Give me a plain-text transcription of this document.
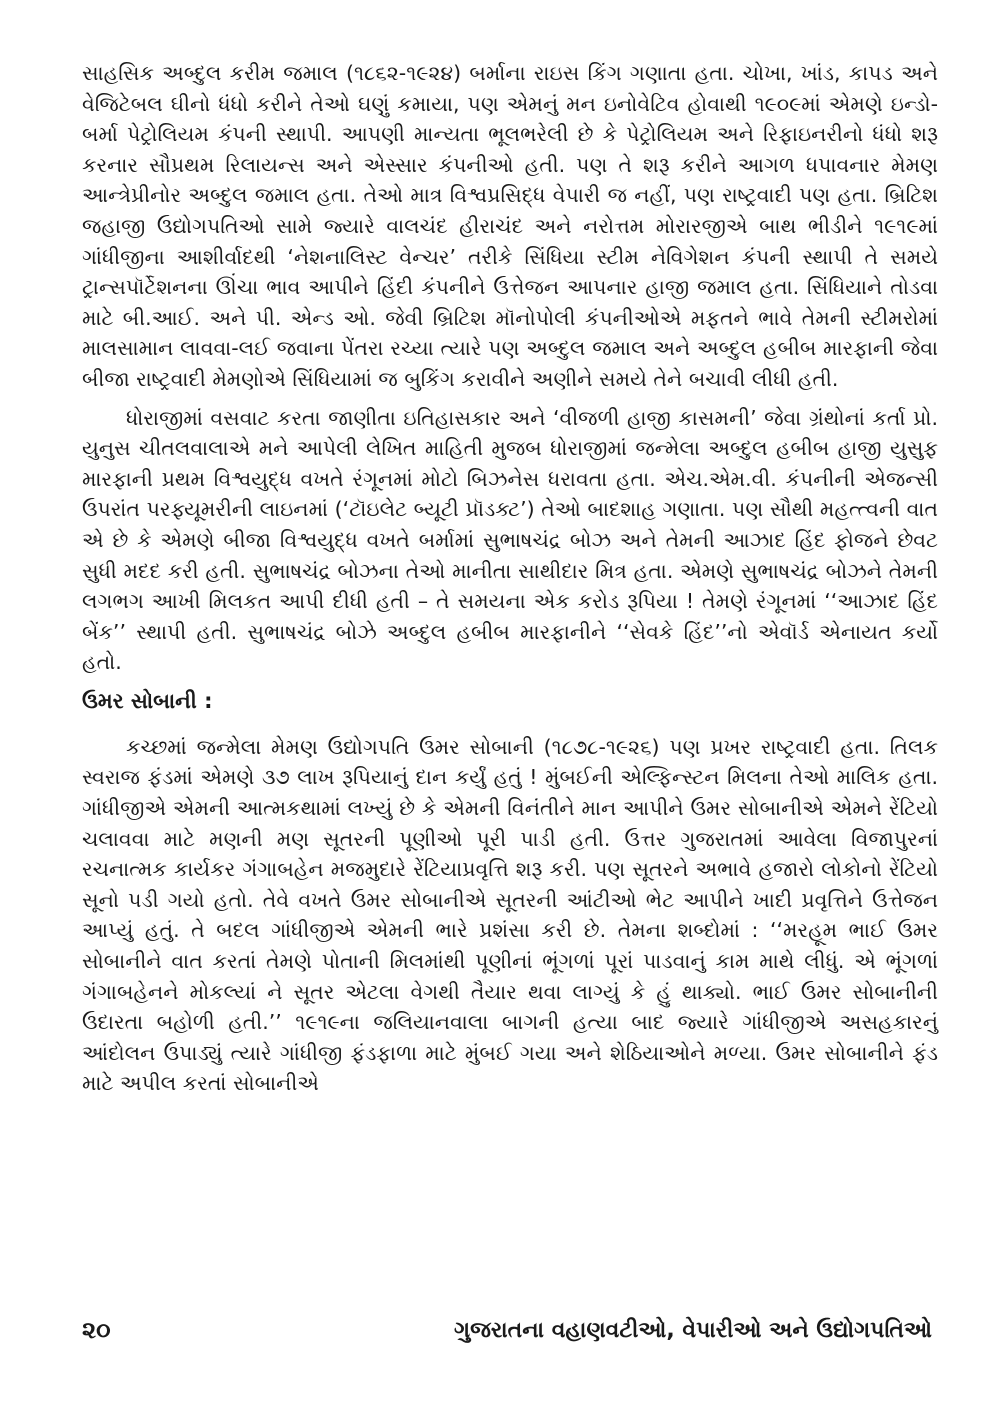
સાહસિક અબ્દુલ કરીમ જમાલ (૧૮૬૨-૧૯૨૪) બર્માના રાઇસ કિંગ ગણાતા હતા. ચોખા, ખાંડ, કાપડ અને વેજિટેબલ ઘીનો ધંધો કરીને તેઓ ઘણું કમાયા, પણ એમનું મન ઇનોવેટિવ હોવાથી ૧૯૦૯માં એમણે ઇન્ડો-બર્મા પેટ્રોલિયમ કંપની સ્થાપી. આપણી માન્યતા ભૂલભરેલી છે કે પેટ્રોલિયમ અને રિફાઇનરીનો ધંધો શરૂ કરનાર સૌપ્રથમ રિલાયન્સ અને એસ્સાર કંપનીઓ હતી. પણ તે શરૂ કરીને આગળ ધપાવનાર મેમણ આન્ત્રેપ્રીનોર અબ્દુલ જમાલ હતા. તેઓ માત્ર વિશ્વપ્રસિદ્ધ વેપારી જ નહીં, પણ રાષ્ટ્રવાદી પણ હતા. બ્રિટિશ જહાજી ઉદ્યોગપતિઓ સામે જ્યારે વાલચંદ હીરાચંદ અને નરોત્તમ મોરારજીએ બાથ ભીડીને ૧૯૧૯માં ગાંધીજીના આશીર્વાદથી ‘નેશનાલિસ્ટ વેન્ચર’ તરીકે સિંધિયા સ્ટીમ નેવિગેશન કંપની સ્થાપી તે સમયે ટ્રાન્સપૉર્ટેશનના ઊંચા ભાવ આપીને હિંદી કંપનીને ઉત્તેજન આપનાર હાજી જમાલ હતા. સિંધિયાને તોડવા માટે બી.આઈ. અને પી. એન્ડ ઓ. જેવી બ્રિટિશ મૉનોપોલી કંપનીઓએ મફતને ભાવે તેમની સ્ટીમરોમાં માલસામાન લાવવા-લઈ જવાના પેંતરા રચ્યા ત્યારે પણ અબ્દુલ જમાલ અને અબ્દુલ હબીબ મારફાની જેવા બીજા રાષ્ટ્રવાદી મેમણોએ સિંધિયામાં જ બુકિંગ કરાવીને અણીને સમયે તેને બચાવી લીધી હતી.

ધોરાજીમાં વસવાટ કરતા જાણીતા ઇતિહાસકાર અને ‘વીજળી હાજી કાસમની’ જેવા ગ્રંથોનાં કર્તા પ્રો. યુનુસ ચીતલવાલાએ મને આપેલી લેખિત માહિતી મુજબ ધોરાજીમાં જન્મેલા અબ્દુલ હબીબ હાજી યુસુફ મારફાની પ્રથમ વિશ્વયુદ્ધ વખતે રંગૂનમાં મોટો બિઝનેસ ધરાવતા હતા. એચ.એમ.વી. કંપનીની એજન્સી ઉપરાંત પરફ્યૂમરીની લાઇનમાં (‘ટૉઇલેટ બ્યૂટી પ્રૉડક્ટ’) તેઓ બાદશાહ ગણાતા. પણ સૌથી મહત્ત્વની વાત એ છે કે એમણે બીજા વિશ્વયુદ્ધ વખતે બર્મામાં સુભાષચંદ્ર બોઝ અને તેમની આઝાદ હિંદ ફોજને છેવટ સુધી મદદ કરી હતી. સુભાષચંદ્ર બોઝના તેઓ માનીતા સાથીદાર મિત્ર હતા. એમણે સુભાષચંદ્ર બોઝને તેમની લગભગ આખી મિલકત આપી દીધી હતી – તે સમયના એક કરોડ રૂપિયા ! તેમણે રંગૂનમાં ‘‘આઝાદ હિંદ બેંક’’ સ્થાપી હતી. સુભાષચંદ્ર બોઝે અબ્દુલ હબીબ મારફાનીને ‘‘સેવકે હિંદ’’નો એવૉર્ડ એનાયત કર્યો હતો.

ઉમર સોબાની :

કચ્છમાં જન્મેલા મેમણ ઉદ્યોગપતિ ઉમર સોબાની (૧૮૭૮-૧૯૨૬) પણ પ્રખર રાષ્ટ્રવાદી હતા. તિલક સ્વરાજ ફંડમાં એમણે ૩૭ લાખ રૂપિયાનું દાન કર્યું હતું ! મુંબઈની એલ્ફિન્સ્ટન મિલના તેઓ માલિક હતા. ગાંધીજીએ એમની આત્મકથામાં લખ્યું છે કે એમની વિનંતીને માન આપીને ઉમર સોબાનીએ એમને રેંટિયો ચલાવવા માટે મણની મણ સૂતરની પૂણીઓ પૂરી પાડી હતી. ઉત્તર ગુજરાતમાં આવેલા વિજાપુરનાં રચનાત્મક કાર્યકર ગંગાબહેન મજમુદારે રેંટિયાપ્રવૃત્તિ શરૂ કરી. પણ સૂતરને અભાવે હજારો લોકોનો રેંટિયો સૂનો પડી ગયો હતો. તેવે વખતે ઉમર સોબાનીએ સૂતરની આંટીઓ ભેટ આપીને ખાદી પ્રવૃત્તિને ઉત્તેજન આપ્યું હતું. તે બદલ ગાંધીજીએ એમની ભારે પ્રશંસા કરી છે. તેમના શબ્દોમાં : ‘‘મરહૂમ ભાઈ ઉમર સોબાનીને વાત કરતાં તેમણે પોતાની મિલમાંથી પૂણીનાં ભૂંગળાં પૂરાં પાડવાનું કામ માથે લીધું. એ ભૂંગળાં ગંગાબહેનને મોકલ્યાં ને સૂતર એટલા વેગથી તૈયાર થવા લાગ્યું કે હું થાક્યો. ભાઈ ઉમર સોબાનીની ઉદારતા બહોળી હતી.’’ ૧૯૧૯ના જલિયાનવાલા બાગની હત્યા બાદ જ્યારે ગાંધીજીએ અસહકારનું આંદોલન ઉપાડ્યું ત્યારે ગાંધીજી ફંડફાળા માટે મુંબઈ ગયા અને શેઠિયાઓને મળ્યા. ઉમર સોબાનીને ફંડ માટે અપીલ કરતાં સોબાનીએ

૨૦	ગુજરાતના વહાણવટીઓ, વેપારીઓ અને ઉદ્યોગપતિઓ
